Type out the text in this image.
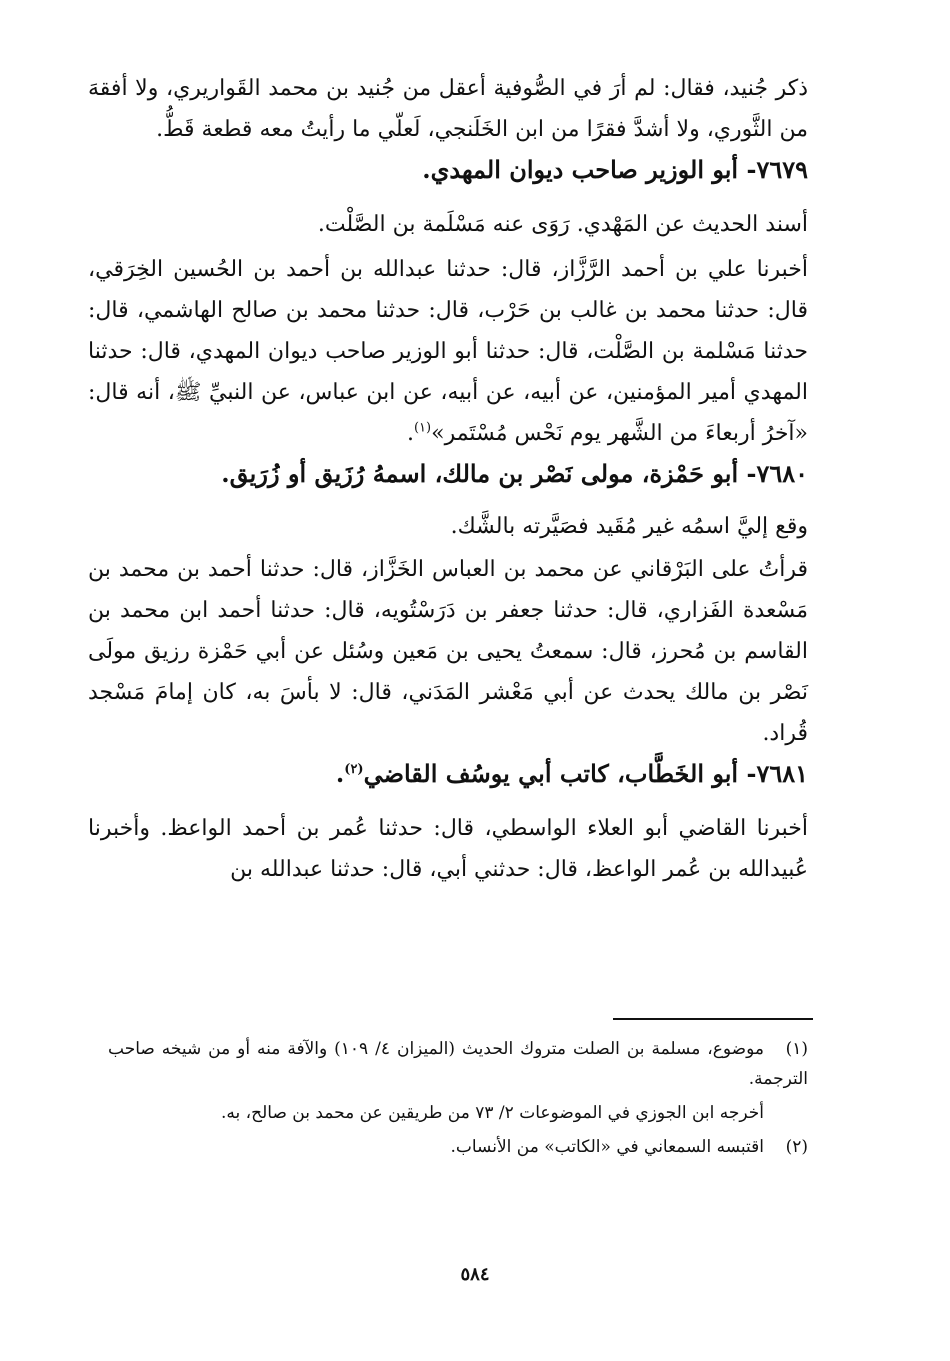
ذكر جُنيد، فقال: لم أرَ في الصُّوفية أعقل من جُنيد بن محمد القَواريري، ولا أفقهَ من الثَّوري، ولا أشدَّ فقرًا من ابن الخَلَنجي، لَعلّي ما رأيتُ معه قطعة قَطُّ.

٧٦٧٩- أبو الوزير صاحب ديوان المهدي.

أسند الحديث عن المَهْدي. رَوَى عنه مَسْلَمة بن الصَّلْت.

أخبرنا علي بن أحمد الرَّزَّاز، قال: حدثنا عبدالله بن أحمد بن الحُسين الخِرَقي، قال: حدثنا محمد بن غالب بن حَرْب، قال: حدثنا محمد بن صالح الهاشمي، قال: حدثنا مَسْلمة بن الصَّلْت، قال: حدثنا أبو الوزير صاحب ديوان المهدي، قال: حدثنا المهدي أمير المؤمنين، عن أبيه، عن أبيه، عن ابن عباس، عن النبيِّ ﷺ، أنه قال: «آخرُ أربعاءَ من الشَّهر يوم نَحْس مُسْتَمر»$^{(١)}$.

٧٦٨٠- أبو حَمْزة، مولى نَصْر بن مالك، اسمهُ رُزَيق أو زُرَيق.

وقع إليَّ اسمُه غير مُقَيد فصَيَّرته بالشَّك.

قرأتُ على البَرْقاني عن محمد بن العباس الخَزَّاز، قال: حدثنا أحمد بن محمد بن مَسْعدة الفَزاري، قال: حدثنا جعفر بن دَرَسْتُويه، قال: حدثنا أحمد ابن محمد بن القاسم بن مُحرز، قال: سمعتُ يحيى بن مَعين وسُئل عن أبي حَمْزة رزيق مولَى نَصْر بن مالك يحدث عن أبي مَعْشر المَدَني، قال: لا بأسَ به، كان إمامَ مَسْجد قُراد.

٧٦٨١- أبو الخَطَّاب، كاتب أبي يوسُف القاضي$^{(٢)}$.

أخبرنا القاضي أبو العلاء الواسطي، قال: حدثنا عُمر بن أحمد الواعظ. وأخبرنا عُبيدالله بن عُمر الواعظ، قال: حدثني أبي، قال: حدثنا عبدالله بن

(١)موضوع، مسلمة بن الصلت متروك الحديث (الميزان ٤/ ١٠٩) والآفة منه أو من شيخه صاحب الترجمة.

أخرجه ابن الجوزي في الموضوعات ٢/ ٧٣ من طريقين عن محمد بن صالح، به.

(٢)اقتبسه السمعاني في «الكاتب» من الأنساب.

٥٨٤
